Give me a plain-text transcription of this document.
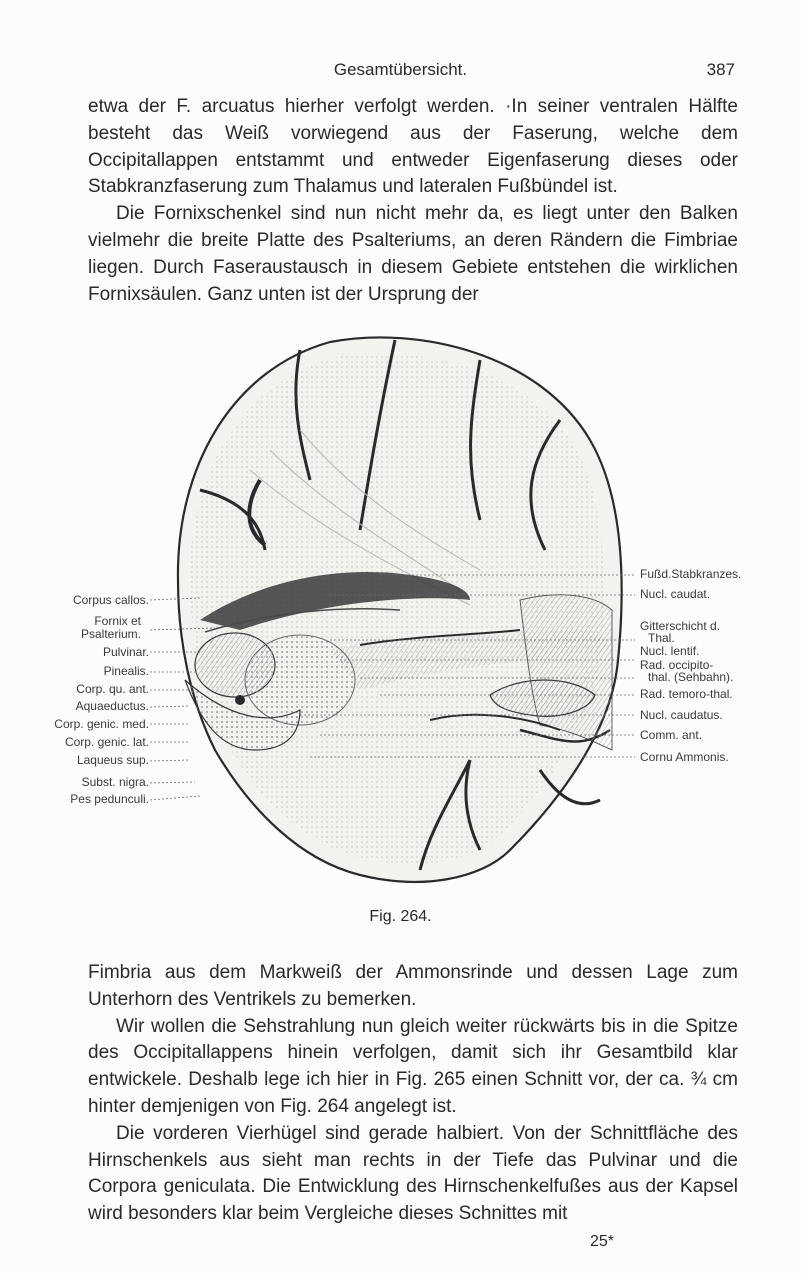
Gesamtübersicht.	387

etwa der F. arcuatus hierher verfolgt werden. ·In seiner ventralen Hälfte besteht das Weiß vorwiegend aus der Faserung, welche dem Occipitallappen entstammt und entweder Eigenfaserung dieses oder Stabkranzfaserung zum Thalamus und lateralen Fußbündel ist.

Die Fornixschenkel sind nun nicht mehr da, es liegt unter den Balken vielmehr die breite Platte des Psalteriums, an deren Rändern die Fimbriae liegen. Durch Faseraustausch in diesem Gebiete entstehen die wirklichen Fornixsäulen. Ganz unten ist der Ursprung der

Corpus callos.
Fornix et
Psalterium.
Pulvinar.
Pinealis.
Corp. qu. ant.
Aquaeductus.
Corp. genic. med.
Corp. genic. lat.
Laqueus sup.
Subst. nigra.
Pes pedunculi.
Fußd.Stabkranzes.
Nucl. caudat.
Gitterschicht d.
Thal.
Nucl. lentif.
Rad. occipito-
thal. (Sehbahn).
Rad. temoro-thal.
Nucl. caudatus.
Comm. ant.
Cornu Ammonis.
Fig. 264.

Fimbria aus dem Markweiß der Ammonsrinde und dessen Lage zum Unterhorn des Ventrikels zu bemerken.

Wir wollen die Sehstrahlung nun gleich weiter rückwärts bis in die Spitze des Occipitallappens hinein verfolgen, damit sich ihr Gesamtbild klar entwickele. Deshalb lege ich hier in Fig. 265 einen Schnitt vor, der ca. ¾ cm hinter demjenigen von Fig. 264 angelegt ist.

Die vorderen Vierhügel sind gerade halbiert. Von der Schnittfläche des Hirnschenkels aus sieht man rechts in der Tiefe das Pulvinar und die Corpora geniculata. Die Entwicklung des Hirnschenkelfußes aus der Kapsel wird besonders klar beim Vergleiche dieses Schnittes mit

25*
